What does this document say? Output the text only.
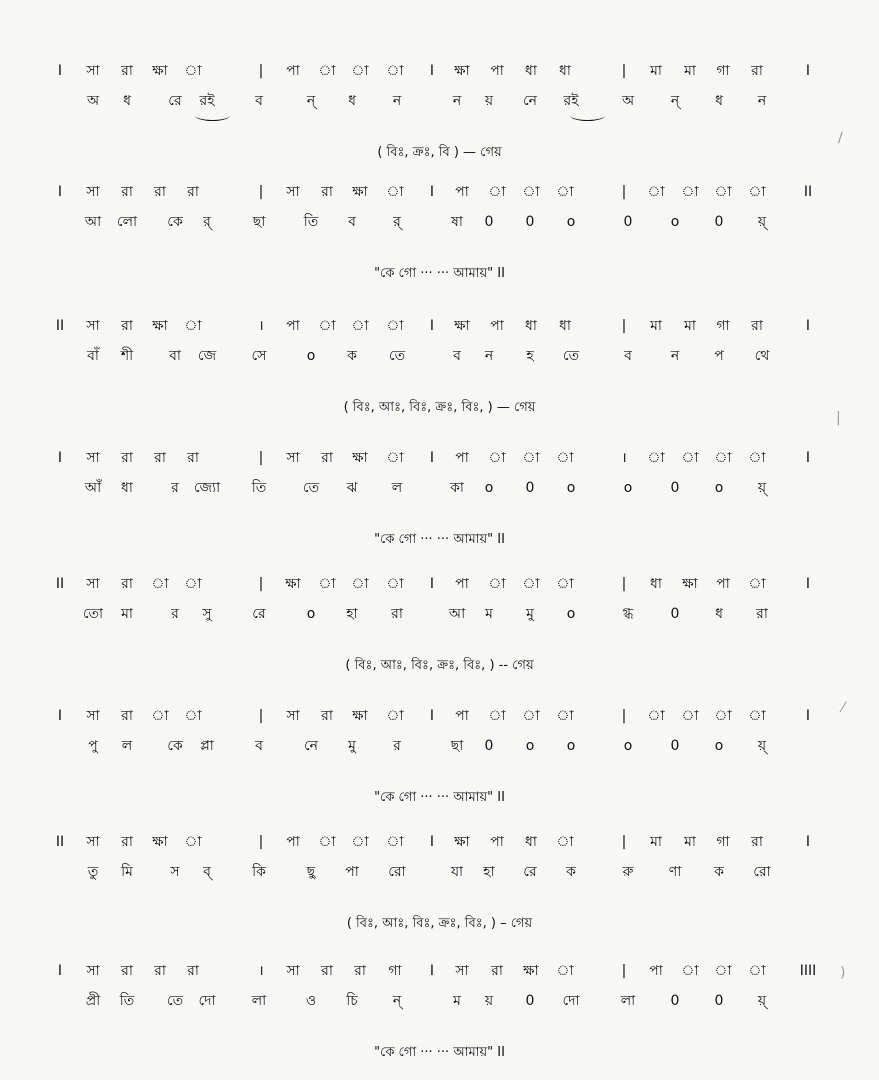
I সা রা ক্ষা া	| পা া া া I ক্ষা পা ধা ধা	| মা মা গা রা	I
অ ধ	রে রই	ব	ন্ ধ	ন	ন য় নে রই	অ	ন্	ধ ন
( বিঃ, ক্রঃ, বি ) — গেয়
I সা রা রা রা	| সা রা ক্ষা া I পা া া া	| া া া া	II
আ লো কে র্	ছা	তি ব	র্	ষা 0 0 o	0	o	0 য়্
"কে গো ··· ··· আমায়" II
II সা রা ক্ষা া	। পা া া া I ক্ষা পা ধা ধা	| মা মা গা রা	I
বাঁ শী	বা জে	সে	o ক তে	ব ন হ তে	ব	ন	প থে
( বিঃ, আঃ, বিঃ, ক্রঃ, বিঃ, ) — গেয়
I সা রা রা রা	| সা রা ক্ষা া I পা া া া	। া া া া	I
আঁ ধা	র জ্যো তি	তে ঝ ল	কা o 0 o	o	0	o য়্
"কে গো ··· ··· আমায়" II
II সা রা া া	| ক্ষা া া া I পা া া া	| ধা ক্ষা পা া	I
তো মা	র সু	রে	o হা রা	আ ম মু o	গ্ধ	0	ধ রা
( বিঃ, আঃ, বিঃ, ক্রঃ, বিঃ, ) -- গেয়
I সা রা া া	| সা রা ক্ষা া I পা া া া	| া া া া	I
পু ল	কে প্লা	ব	নে মু	র	ছা 0 o o	o	0	o য়্
"কে গো ··· ··· আমায়" II
II সা রা ক্ষা া	| পা া া া I ক্ষা পা ধা া	| মা মা গা রা	I
তু মি	স ব্	কি	ছু পা রো	যা হা রে ক	রু	ণা ক রো
( বিঃ, আঃ, বিঃ, ক্রঃ, বিঃ, ) – গেয়
I সা রা রা রা	। সা রা রা গা I সা রা ক্ষা া	| পা া া া IIII
প্রী তি তে দো	লা	ও চি	ন্	ম য় 0 দো	লা	0	0 য়্
"কে গো ··· ··· আমায়" II
/
|
⁄
)
